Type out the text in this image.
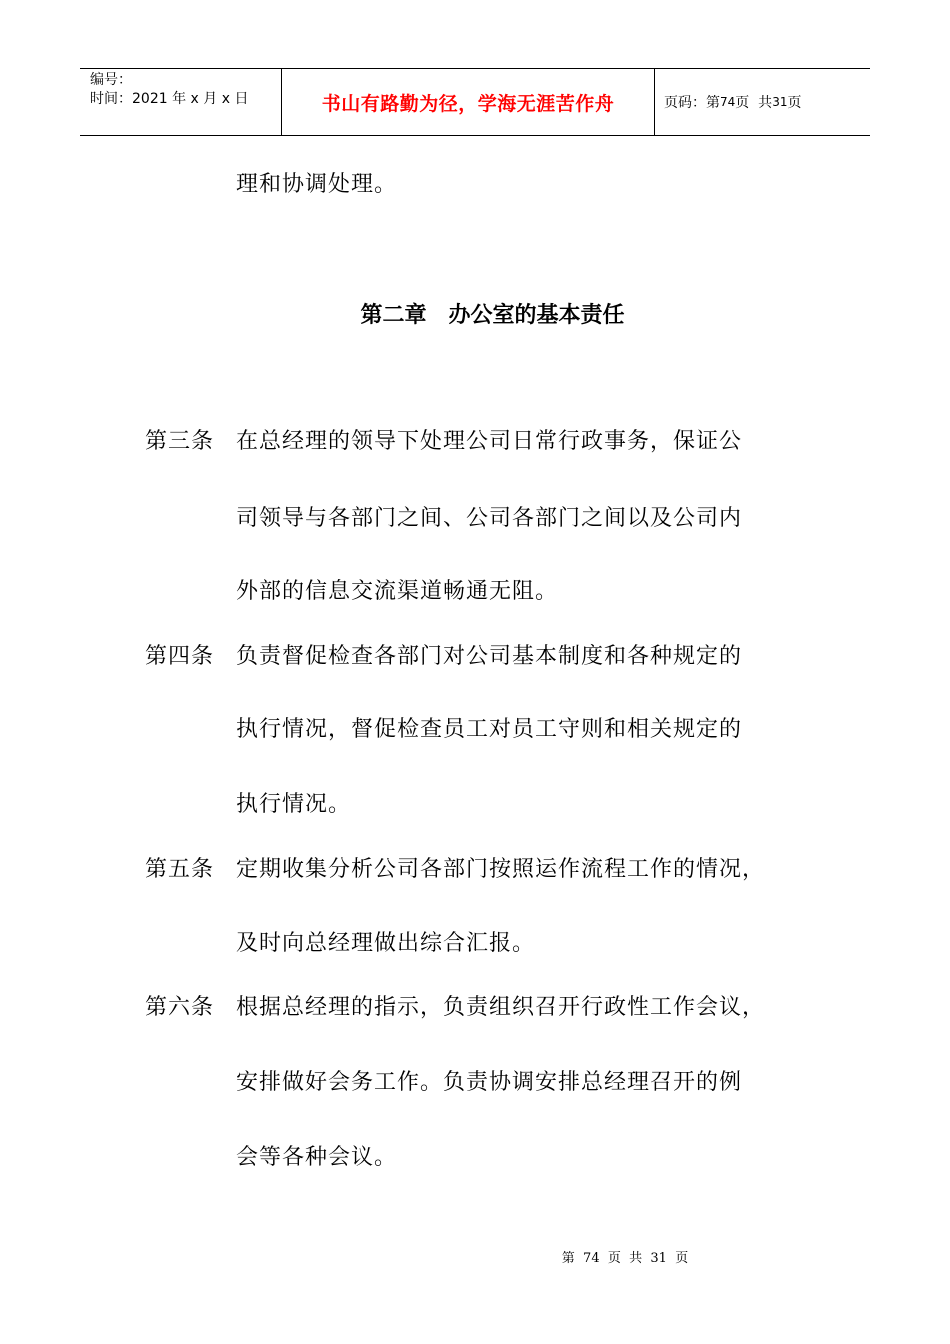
编号：
时间：2021 年 x 月 x 日	书山有路勤为径，学海无涯苦作舟	页码：第 74 页  共 31 页
理和协调处理。
第二章　办公室的基本责任
第三条 在总经理的领导下处理公司日常行政事务，保证公
司领导与各部门之间、公司各部门之间以及公司内
外部的信息交流渠道畅通无阻。
第四条 负责督促检查各部门对公司基本制度和各种规定的
执行情况，督促检查员工对员工守则和相关规定的
执行情况。
第五条 定期收集分析公司各部门按照运作流程工作的情况，
及时向总经理做出综合汇报。
第六条 根据总经理的指示，负责组织召开行政性工作会议，
安排做好会务工作。负责协调安排总经理召开的例
会等各种会议。
第  74  页  共  31  页
